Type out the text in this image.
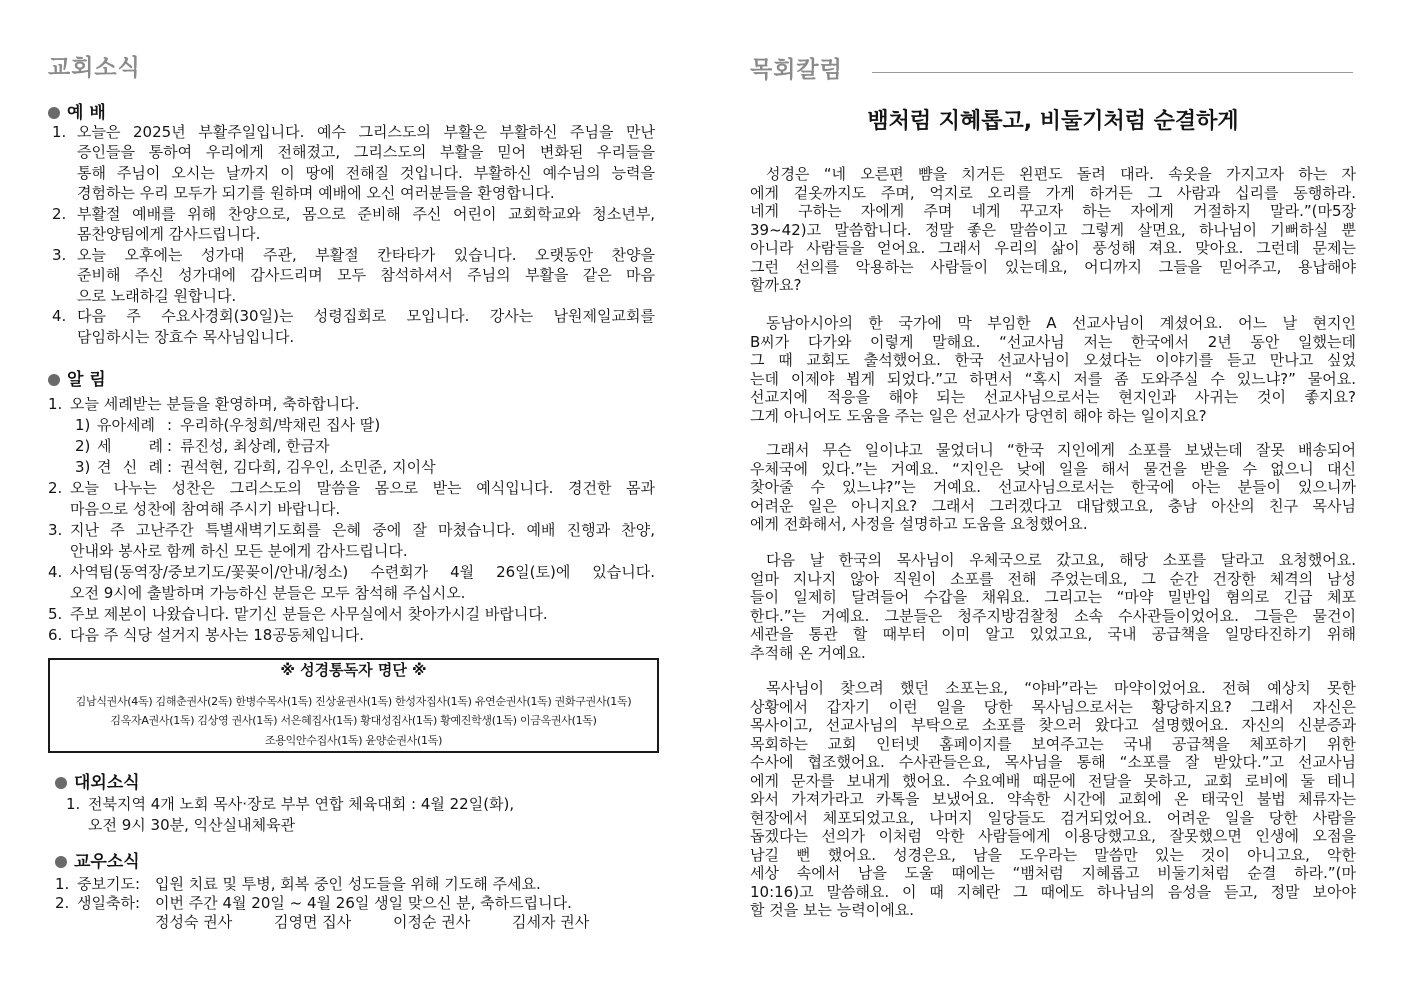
교회소식
예 배
1. 오늘은 2025년 부활주일입니다. 예수 그리스도의 부활은 부활하신 주님을 만난
증인들을 통하여 우리에게 전해졌고, 그리스도의 부활을 믿어 변화된 우리들을
통해 주님이 오시는 날까지 이 땅에 전해질 것입니다. 부활하신 예수님의 능력을
경험하는 우리 모두가 되기를 원하며 예배에 오신 여러분들을 환영합니다.
2. 부활절 예배를 위해 찬양으로, 몸으로 준비해 주신 어린이 교회학교와 청소년부,
몸찬양팀에게 감사드립니다.
3. 오늘 오후에는 성가대 주관, 부활절 칸타타가 있습니다. 오랫동안 찬양을
준비해 주신 성가대에 감사드리며 모두 참석하셔서 주님의 부활을 같은 마음
으로 노래하길 원합니다.
4. 다음 주 수요사경회(30일)는 성령집회로 모입니다. 강사는 남원제일교회를
담임하시는 장효수 목사님입니다.
알 림
1. 오늘 세례받는 분들을 환영하며, 축하합니다.
1) 유아세례 : 우리하(우청희/박채린 집사 딸)
2) 세　　례 : 류진성, 최상례, 한금자
3) 견 신 례 : 권석현, 김다희, 김우인, 소민준, 지이삭
2. 오늘 나누는 성찬은 그리스도의 말씀을 몸으로 받는 예식입니다. 경건한 몸과
마음으로 성찬에 참여해 주시기 바랍니다.
3. 지난 주 고난주간 특별새벽기도회를 은혜 중에 잘 마쳤습니다. 예배 진행과 찬양,
안내와 봉사로 함께 하신 모든 분에게 감사드립니다.
4. 사역팀(동역장/중보기도/꽃꽂이/안내/청소) 수련회가 4월 26일(토)에 있습니다.
오전 9시에 출발하며 가능하신 분들은 모두 참석해 주십시오.
5. 주보 제본이 나왔습니다. 맡기신 분들은 사무실에서 찾아가시길 바랍니다.
6. 다음 주 식당 설거지 봉사는 18공동체입니다.
※ 성경통독자 명단 ※
김남식권사(4독) 김해춘권사(2독) 한병수목사(1독) 진상윤권사(1독) 한성자집사(1독) 유연순권사(1독) 권화구권사(1독)
김옥자A권사(1독) 김상영 권사(1독) 서은혜집사(1독) 황대성집사(1독) 황예진학생(1독) 이금옥권사(1독)
조용익안수집사(1독) 윤양순권사(1독)
대외소식
1. 전북지역 4개 노회 목사·장로 부부 연합 체육대회 : 4월 22일(화),
오전 9시 30분, 익산실내체육관
교우소식
1. 중보기도: 입원 치료 및 투병, 회복 중인 성도들을 위해 기도해 주세요.
2. 생일축하: 이번 주간 4월 20일 ~ 4월 26일 생일 맞으신 분, 축하드립니다.
정성숙 권사	김영면 집사	이정순 권사	김세자 권사
목회칼럼
뱀처럼 지혜롭고, 비둘기처럼 순결하게
성경은 “네 오른편 뺨을 치거든 왼편도 돌려 대라. 속옷을 가지고자 하는 자
에게 겉옷까지도 주며, 억지로 오리를 가게 하거든 그 사람과 십리를 동행하라.
네게 구하는 자에게 주며 네게 꾸고자 하는 자에게 거절하지 말라.”(마5장
39~42)고 말씀합니다. 정말 좋은 말씀이고 그렇게 살면요, 하나님이 기뻐하실 뿐
아니라 사람들을 얻어요. 그래서 우리의 삶이 풍성해 져요. 맞아요. 그런데 문제는
그런 선의를 악용하는 사람들이 있는데요, 어디까지 그들을 믿어주고, 용납해야
할까요?
동남아시아의 한 국가에 막 부임한 A 선교사님이 계셨어요. 어느 날 현지인
B씨가 다가와 이렇게 말해요. “선교사님 저는 한국에서 2년 동안 일했는데
그 때 교회도 출석했어요. 한국 선교사님이 오셨다는 이야기를 듣고 만나고 싶었
는데 이제야 뵙게 되었다.”고 하면서 “혹시 저를 좀 도와주실 수 있느냐?” 물어요.
선교지에 적응을 해야 되는 선교사님으로서는 현지인과 사귀는 것이 좋지요?
그게 아니어도 도움을 주는 일은 선교사가 당연히 해야 하는 일이지요?
그래서 무슨 일이냐고 물었더니 “한국 지인에게 소포를 보냈는데 잘못 배송되어
우체국에 있다.”는 거예요. “지인은 낮에 일을 해서 물건을 받을 수 없으니 대신
찾아줄 수 있느냐?”는 거예요. 선교사님으로서는 한국에 아는 분들이 있으니까
어려운 일은 아니지요? 그래서 그러겠다고 대답했고요, 충남 아산의 친구 목사님
에게 전화해서, 사정을 설명하고 도움을 요청했어요.
다음 날 한국의 목사님이 우체국으로 갔고요, 해당 소포를 달라고 요청했어요.
얼마 지나지 않아 직원이 소포를 전해 주었는데요, 그 순간 건장한 체격의 남성
들이 일제히 달려들어 수갑을 채워요. 그리고는 “마약 밀반입 혐의로 긴급 체포
한다.”는 거예요. 그분들은 청주지방검찰청 소속 수사관들이었어요. 그들은 물건이
세관을 통관 할 때부터 이미 알고 있었고요, 국내 공급책을 일망타진하기 위해
추적해 온 거예요.
목사님이 찾으려 했던 소포는요, “야바”라는 마약이었어요. 전혀 예상치 못한
상황에서 갑자기 이런 일을 당한 목사님으로서는 황당하지요? 그래서 자신은
목사이고, 선교사님의 부탁으로 소포를 찾으러 왔다고 설명했어요. 자신의 신분증과
목회하는 교회 인터넷 홈페이지를 보여주고는 국내 공급책을 체포하기 위한
수사에 협조했어요. 수사관들은요, 목사님을 통해 “소포를 잘 받았다.”고 선교사님
에게 문자를 보내게 했어요. 수요예배 때문에 전달을 못하고, 교회 로비에 둘 테니
와서 가져가라고 카톡을 보냈어요. 약속한 시간에 교회에 온 태국인 불법 체류자는
현장에서 체포되었고요, 나머지 일당들도 검거되었어요. 어려운 일을 당한 사람을
돕겠다는 선의가 이처럼 악한 사람들에게 이용당했고요, 잘못했으면 인생에 오점을
남길 뻔 했어요. 성경은요, 남을 도우라는 말씀만 있는 것이 아니고요, 악한
세상 속에서 남을 도울 때에는 “뱀처럼 지혜롭고 비둘기처럼 순결 하라.”(마
10:16)고 말씀해요. 이 때 지혜란 그 때에도 하나님의 음성을 듣고, 정말 보아야
할 것을 보는 능력이에요.
